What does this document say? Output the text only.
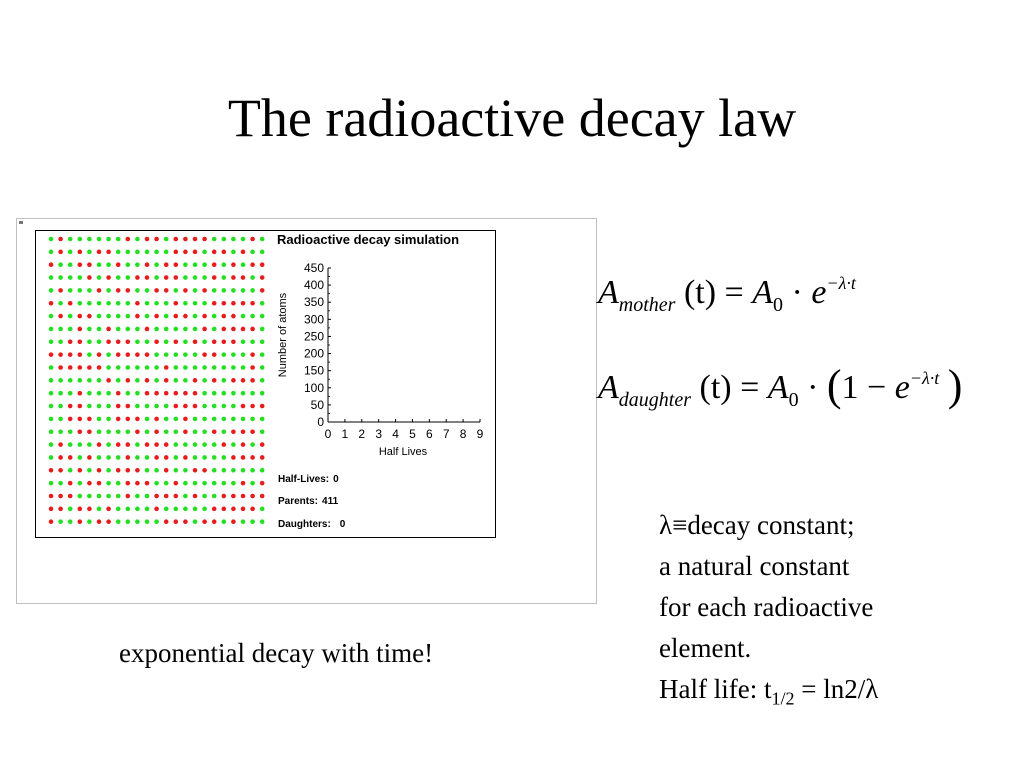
The radioactive decay law
Radioactive decay simulation
0
50
100
150
200
250
300
350
400
450
0 1 2 3 4 5 6 7 8 9
Number of atoms
Half Lives
Half-Lives: 0
Parents: 411
Daughters: 0
$A_{mother}$ $(t) = A_0 \cdot e^{-\lambda\cdot t}$
$A_{daughter}$ $(t) = A_0 \cdot (1 - e^{-\lambda\cdot t}$ )
λ≡decay constant;
a natural constant
for each radioactive
element.
Half life: $t_{1/2} = \ln 2/\lambda$
exponential decay with time!
